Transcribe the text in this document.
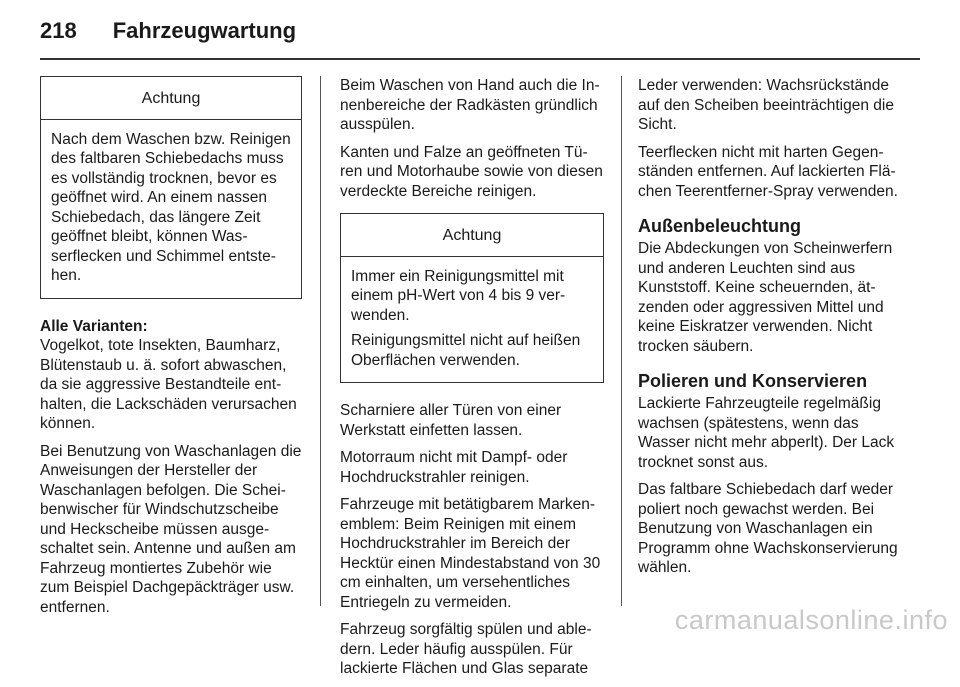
218 Fahrzeugwartung
Achtung

Nach dem Waschen bzw. Reinigen des faltbaren Schiebedachs muss es vollständig trocknen, bevor es geöffnet wird. An einem nassen Schiebedach, das längere Zeit geöffnet bleibt, können Wasserflecken und Schimmel entstehen.

Alle Varianten:

Vogelkot, tote Insekten, Baumharz, Blütenstaub u. ä. sofort abwaschen, da sie aggressive Bestandteile enthalten, die Lackschäden verursachen können.

Bei Benutzung von Waschanlagen die Anweisungen der Hersteller der Waschanlagen befolgen. Die Scheibenwischer für Windschutzscheibe und Heckscheibe müssen ausgeschaltet sein. Antenne und außen am Fahrzeug montiertes Zubehör wie zum Beispiel Dachgepäckträger usw. entfernen.

Beim Waschen von Hand auch die Innenbereiche der Radkästen gründlich ausspülen.

Kanten und Falze an geöffneten Türen und Motorhaube sowie von diesen verdeckte Bereiche reinigen.

Achtung

Immer ein Reinigungsmittel mit einem pH-Wert von 4 bis 9 verwenden.

Reinigungsmittel nicht auf heißen Oberflächen verwenden.

Scharniere aller Türen von einer Werkstatt einfetten lassen.

Motorraum nicht mit Dampf- oder Hochdruckstrahler reinigen.

Fahrzeuge mit betätigbarem Markenemblem: Beim Reinigen mit einem Hochdruckstrahler im Bereich der Hecktür einen Mindestabstand von 30 cm einhalten, um versehentliches Entriegeln zu vermeiden.

Fahrzeug sorgfältig spülen und abledern. Leder häufig ausspülen. Für lackierte Flächen und Glas separate

Leder verwenden: Wachsrückstände auf den Scheiben beeinträchtigen die Sicht.

Teerflecken nicht mit harten Gegenständen entfernen. Auf lackierten Flächen Teerentferner-Spray verwenden.

Außenbeleuchtung

Die Abdeckungen von Scheinwerfern und anderen Leuchten sind aus Kunststoff. Keine scheuernden, ätzenden oder aggressiven Mittel und keine Eiskratzer verwenden. Nicht trocken säubern.

Polieren und Konservieren

Lackierte Fahrzeugteile regelmäßig wachsen (spätestens, wenn das Wasser nicht mehr abperlt). Der Lack trocknet sonst aus.

Das faltbare Schiebedach darf weder poliert noch gewachst werden. Bei Benutzung von Waschanlagen ein Programm ohne Wachskonservierung wählen.

carmanualsonline.info
